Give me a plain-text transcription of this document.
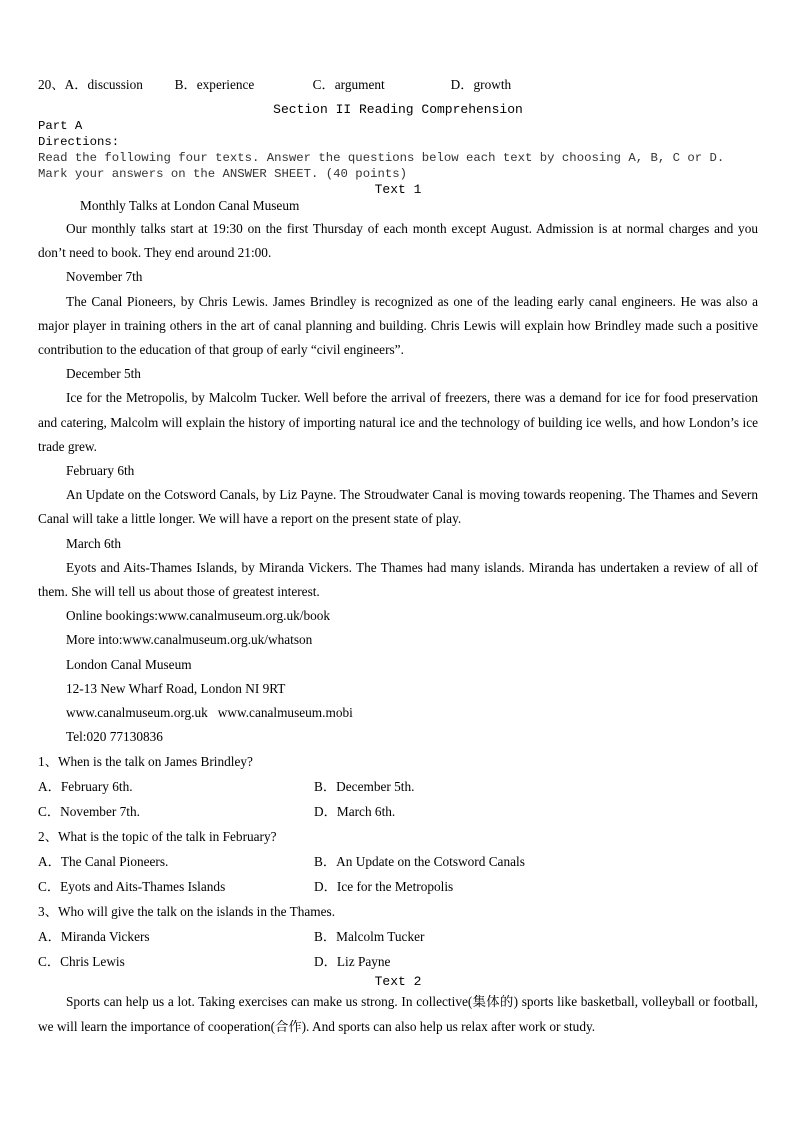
20、A．discussion B．experience	C．argument	D．growth
Section II Reading Comprehension
Part A
Directions:
Read the following four texts. Answer the questions below each text by choosing A, B, C or D. Mark your answers on the ANSWER SHEET. (40 points)
Text 1
Monthly Talks at London Canal Museum
Our monthly talks start at 19:30 on the first Thursday of each month except August. Admission is at normal charges and you don’t need to book. They end around 21:00.
November 7th
The Canal Pioneers, by Chris Lewis. James Brindley is recognized as one of the leading early canal engineers. He was also a major player in training others in the art of canal planning and building. Chris Lewis will explain how Brindley made such a positive contribution to the education of that group of early “civil engineers”.
December 5th
Ice for the Metropolis, by Malcolm Tucker. Well before the arrival of freezers, there was a demand for ice for food preservation and catering, Malcolm will explain the history of importing natural ice and the technology of building ice wells, and how London’s ice trade grew.
February 6th
An Update on the Cotsword Canals, by Liz Payne. The Stroudwater Canal is moving towards reopening. The Thames and Severn Canal will take a little longer. We will have a report on the present state of play.
March 6th
Eyots and Aits-Thames Islands, by Miranda Vickers. The Thames had many islands. Miranda has undertaken a review of all of them. She will tell us about those of greatest interest.
Online bookings:www.canalmuseum.org.uk/book
More into:www.canalmuseum.org.uk/whatson
London Canal Museum
12-13 New Wharf Road, London NI 9RT
www.canalmuseum.org.uk   www.canalmuseum.mobi
Tel:020 77130836
1、When is the talk on James Brindley?
A．February 6th.	B．December 5th.
C．November 7th.	D．March 6th.
2、What is the topic of the talk in February?
A．The Canal Pioneers.	B．An Update on the Cotsword Canals
C．Eyots and Aits-Thames Islands	D．Ice for the Metropolis
3、Who will give the talk on the islands in the Thames.
A．Miranda Vickers	B．Malcolm Tucker
C．Chris Lewis	D．Liz Payne
Text 2
Sports can help us a lot. Taking exercises can make us strong. In collective(集体的) sports like basketball, volleyball or football, we will learn the importance of cooperation(合作). And sports can also help us relax after work or study.
